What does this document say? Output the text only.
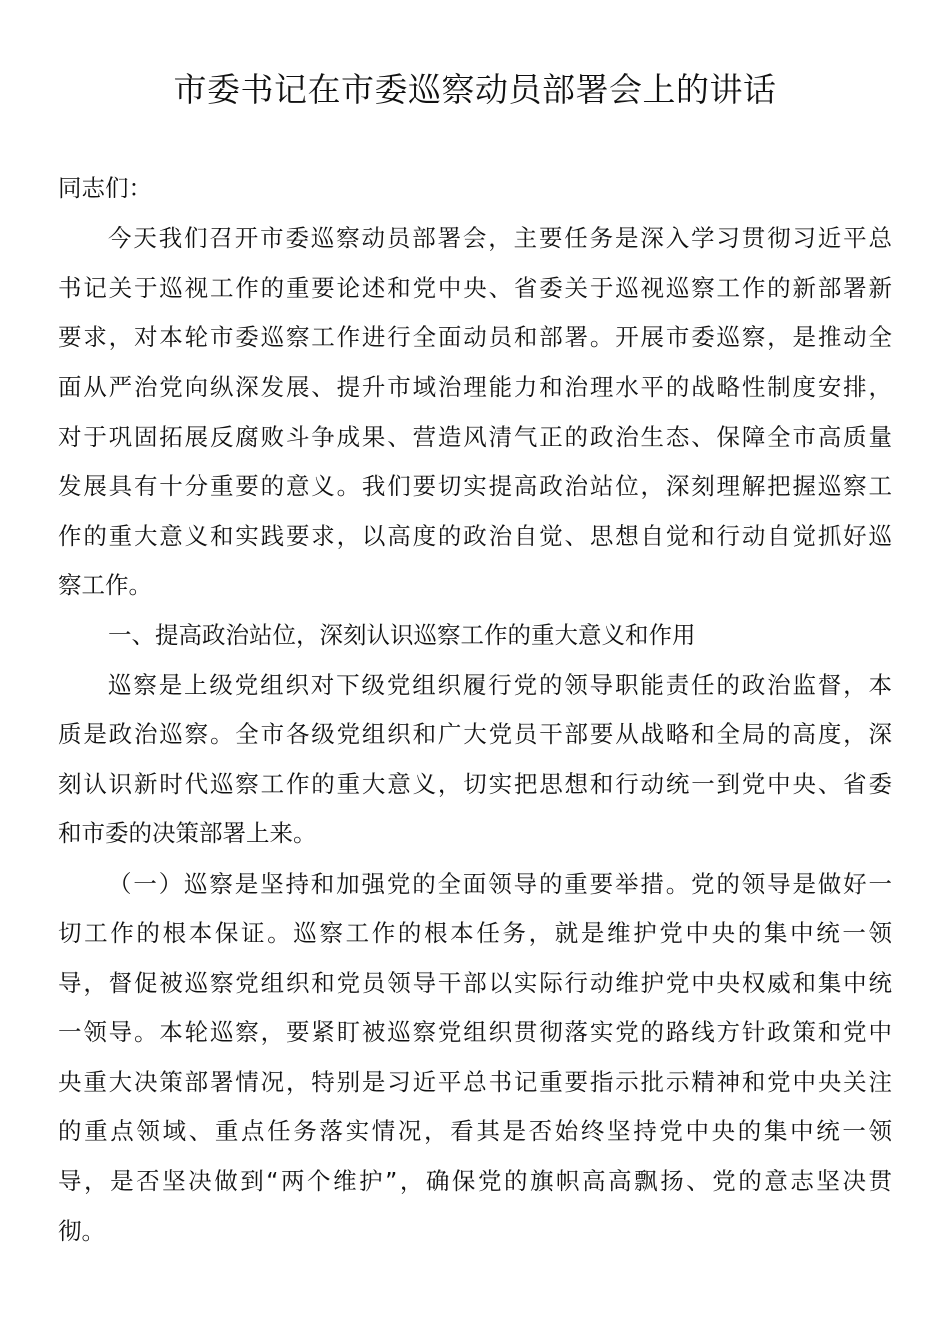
市委书记在市委巡察动员部署会上的讲话
同志们：
今天我们召开市委巡察动员部署会，主要任务是深入学习贯彻习近平总
书记关于巡视工作的重要论述和党中央、省委关于巡视巡察工作的新部署新
要求，对本轮市委巡察工作进行全面动员和部署。开展市委巡察，是推动全
面从严治党向纵深发展、提升市域治理能力和治理水平的战略性制度安排，
对于巩固拓展反腐败斗争成果、营造风清气正的政治生态、保障全市高质量
发展具有十分重要的意义。我们要切实提高政治站位，深刻理解把握巡察工
作的重大意义和实践要求，以高度的政治自觉、思想自觉和行动自觉抓好巡
察工作。
一、提高政治站位，深刻认识巡察工作的重大意义和作用
巡察是上级党组织对下级党组织履行党的领导职能责任的政治监督，本
质是政治巡察。全市各级党组织和广大党员干部要从战略和全局的高度，深
刻认识新时代巡察工作的重大意义，切实把思想和行动统一到党中央、省委
和市委的决策部署上来。
（一）巡察是坚持和加强党的全面领导的重要举措。党的领导是做好一
切工作的根本保证。巡察工作的根本任务，就是维护党中央的集中统一领
导，督促被巡察党组织和党员领导干部以实际行动维护党中央权威和集中统
一领导。本轮巡察，要紧盯被巡察党组织贯彻落实党的路线方针政策和党中
央重大决策部署情况，特别是习近平总书记重要指示批示精神和党中央关注
的重点领域、重点任务落实情况，看其是否始终坚持党中央的集中统一领
导，是否坚决做到“两个维护”，确保党的旗帜高高飘扬、党的意志坚决贯
彻。
